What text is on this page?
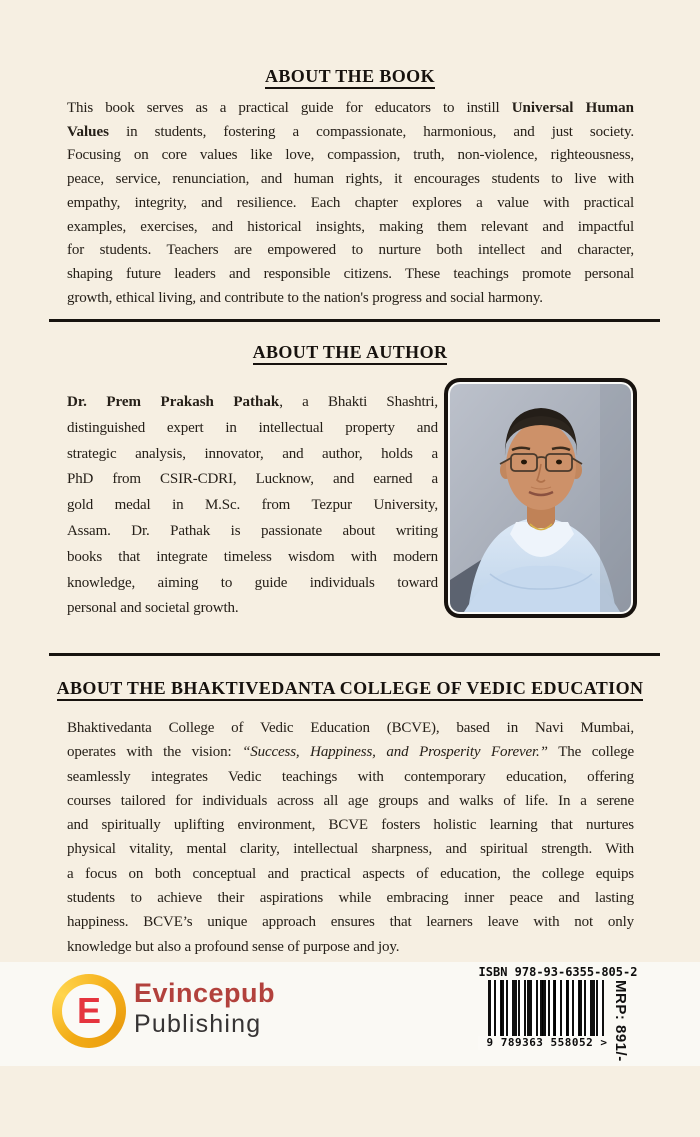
ABOUT THE BOOK
This book serves as a practical guide for educators to instill Universal Human
Values in students, fostering a compassionate, harmonious, and just society.
Focusing on core values like love, compassion, truth, non-violence, righteousness,
peace, service, renunciation, and human rights, it encourages students to live with
empathy, integrity, and resilience. Each chapter explores a value with practical
examples, exercises, and historical insights, making them relevant and impactful
for students. Teachers are empowered to nurture both intellect and character,
shaping future leaders and responsible citizens. These teachings promote personal
growth, ethical living, and contribute to the nation's progress and social harmony.
ABOUT THE AUTHOR
Dr. Prem Prakash Pathak, a Bhakti Shashtri,
distinguished expert in intellectual property and
strategic analysis, innovator, and author, holds a
PhD from CSIR-CDRI, Lucknow, and earned a
gold medal in M.Sc. from Tezpur University,
Assam. Dr. Pathak is passionate about writing
books that integrate timeless wisdom with modern
knowledge, aiming to guide individuals toward
personal and societal growth.
ABOUT THE BHAKTIVEDANTA COLLEGE OF VEDIC EDUCATION
Bhaktivedanta College of Vedic Education (BCVE), based in Navi Mumbai,
operates with the vision: “Success, Happiness, and Prosperity Forever.” The college
seamlessly integrates Vedic teachings with contemporary education, offering
courses tailored for individuals across all age groups and walks of life. In a serene
and spiritually uplifting environment, BCVE fosters holistic learning that nurtures
physical vitality, mental clarity, intellectual sharpness, and spiritual strength. With
a focus on both conceptual and practical aspects of education, the college equips
students to achieve their aspirations while embracing inner peace and lasting
happiness. BCVE’s unique approach ensures that learners leave with not only
knowledge but also a profound sense of purpose and joy.
E Evincepub
Publishing
ISBN 978-93-6355-805-2
9 789363 558052 > MRP: 891/-
